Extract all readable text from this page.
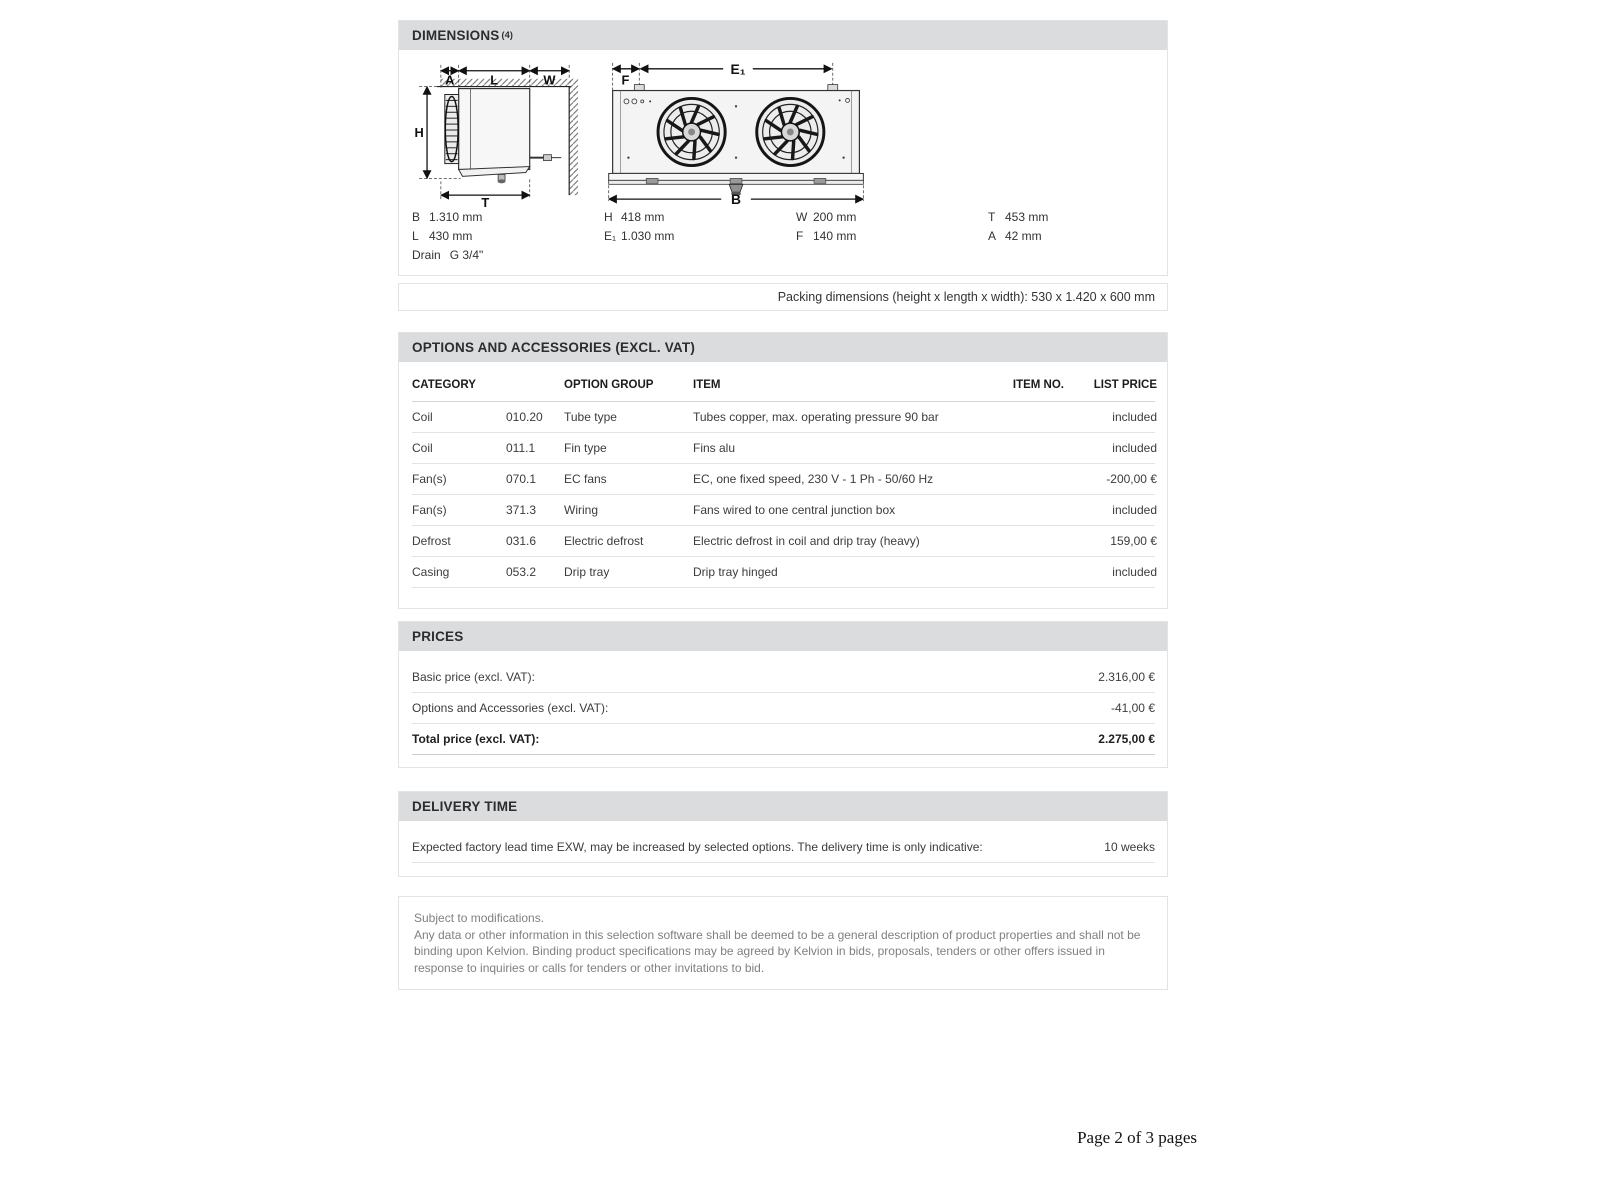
DIMENSIONS (4)
A	L	W
H
T
F
E₁
B
B 1.310 mm	H 418 mm	W 200 mm	T 453 mm
L 430 mm	E₁ 1.030 mm	F 140 mm	A 42 mm
Drain G 3/4"
Packing dimensions (height x length x width): 530 x 1.420 x 600 mm
OPTIONS AND ACCESSORIES (EXCL. VAT)
CATEGORY	OPTION GROUP	ITEM	ITEM NO.	LIST PRICE
Coil	010.20	Tube type	Tubes copper, max. operating pressure 90 bar	included
Coil	011.1	Fin type	Fins alu	included
Fan(s)	070.1	EC fans	EC, one fixed speed, 230 V - 1 Ph - 50/60 Hz	-200,00 €
Fan(s)	371.3	Wiring	Fans wired to one central junction box	included
Defrost	031.6	Electric defrost	Electric defrost in coil and drip tray (heavy)	159,00 €
Casing	053.2	Drip tray	Drip tray hinged	included
PRICES
Basic price (excl. VAT):	2.316,00 €
Options and Accessories (excl. VAT):	-41,00 €
Total price (excl. VAT):	2.275,00 €
DELIVERY TIME
Expected factory lead time EXW, may be increased by selected options. The delivery time is only indicative:	10 weeks
Subject to modifications.
Any data or other information in this selection software shall be deemed to be a general description of product properties and shall not be binding upon Kelvion. Binding product specifications may be agreed by Kelvion in bids, proposals, tenders or other offers issued in response to inquiries or calls for tenders or other invitations to bid.
Page 2 of 3 pages
